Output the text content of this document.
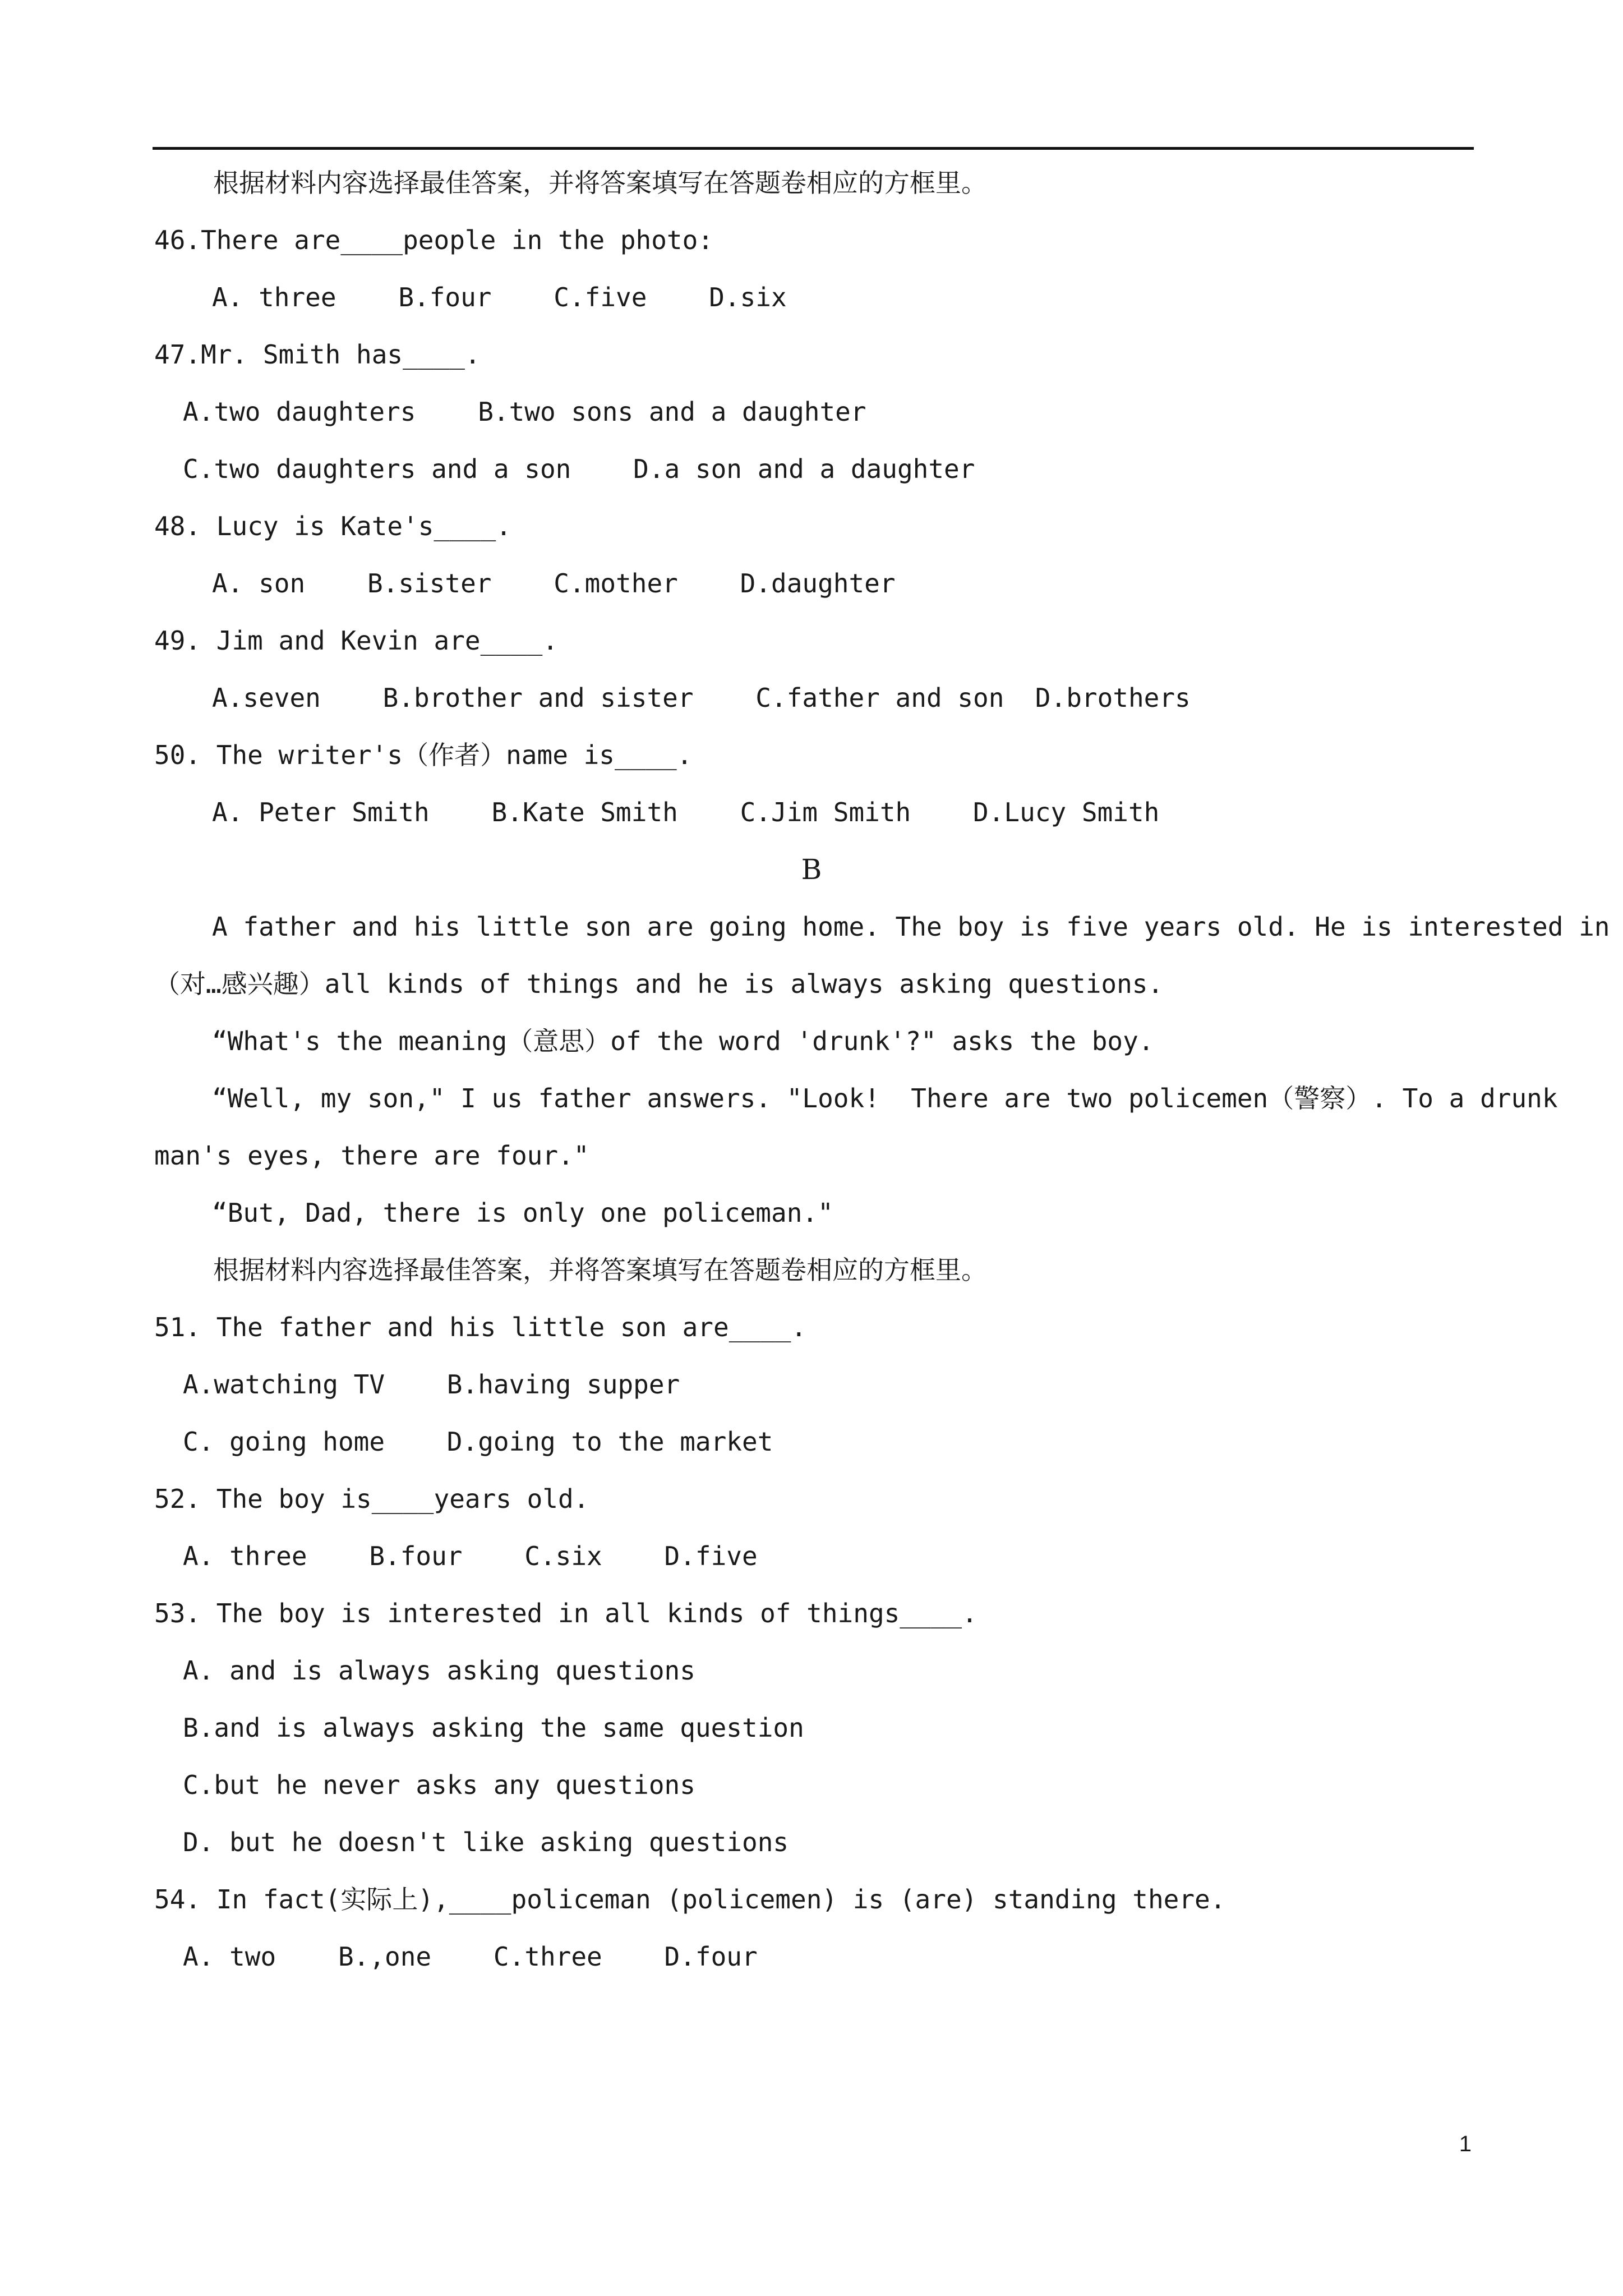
根据材料内容选择最佳答案，并将答案填写在答题卷相应的方框里。
46.There are____people in the photo:
A. three    B.four    C.five    D.six
47.Mr. Smith has____.
A.two daughters    B.two sons and a daughter
C.two daughters and a son    D.a son and a daughter
48. Lucy is Kate's____.
A. son    B.sister    C.mother    D.daughter
49. Jim and Kevin are____.
A.seven    B.brother and sister    C.father and son  D.brothers
50. The writer's（作者）name is____.
A. Peter Smith    B.Kate Smith    C.Jim Smith    D.Lucy Smith
B
A father and his little son are going home. The boy is five years old. He is interested in
（对…感兴趣）all kinds of things and he is always asking questions.
“What's the meaning（意思）of the word 'drunk'?" asks the boy.
“Well, my son," I us father answers. "Look!  There are two policemen（警察）. To a drunk
man's eyes, there are four."
“But, Dad, there is only one policeman."
根据材料内容选择最佳答案，并将答案填写在答题卷相应的方框里。
51. The father and his little son are____.
A.watching TV    B.having supper
C. going home    D.going to the market
52. The boy is____years old.
A. three    B.four    C.six    D.five
53. The boy is interested in all kinds of things____.
A. and is always asking questions
B.and is always asking the same question
C.but he never asks any questions
D. but he doesn't like asking questions
54. In fact(实际上),____policeman (policemen) is (are) standing there.
A. two    B.,one    C.three    D.four
1
